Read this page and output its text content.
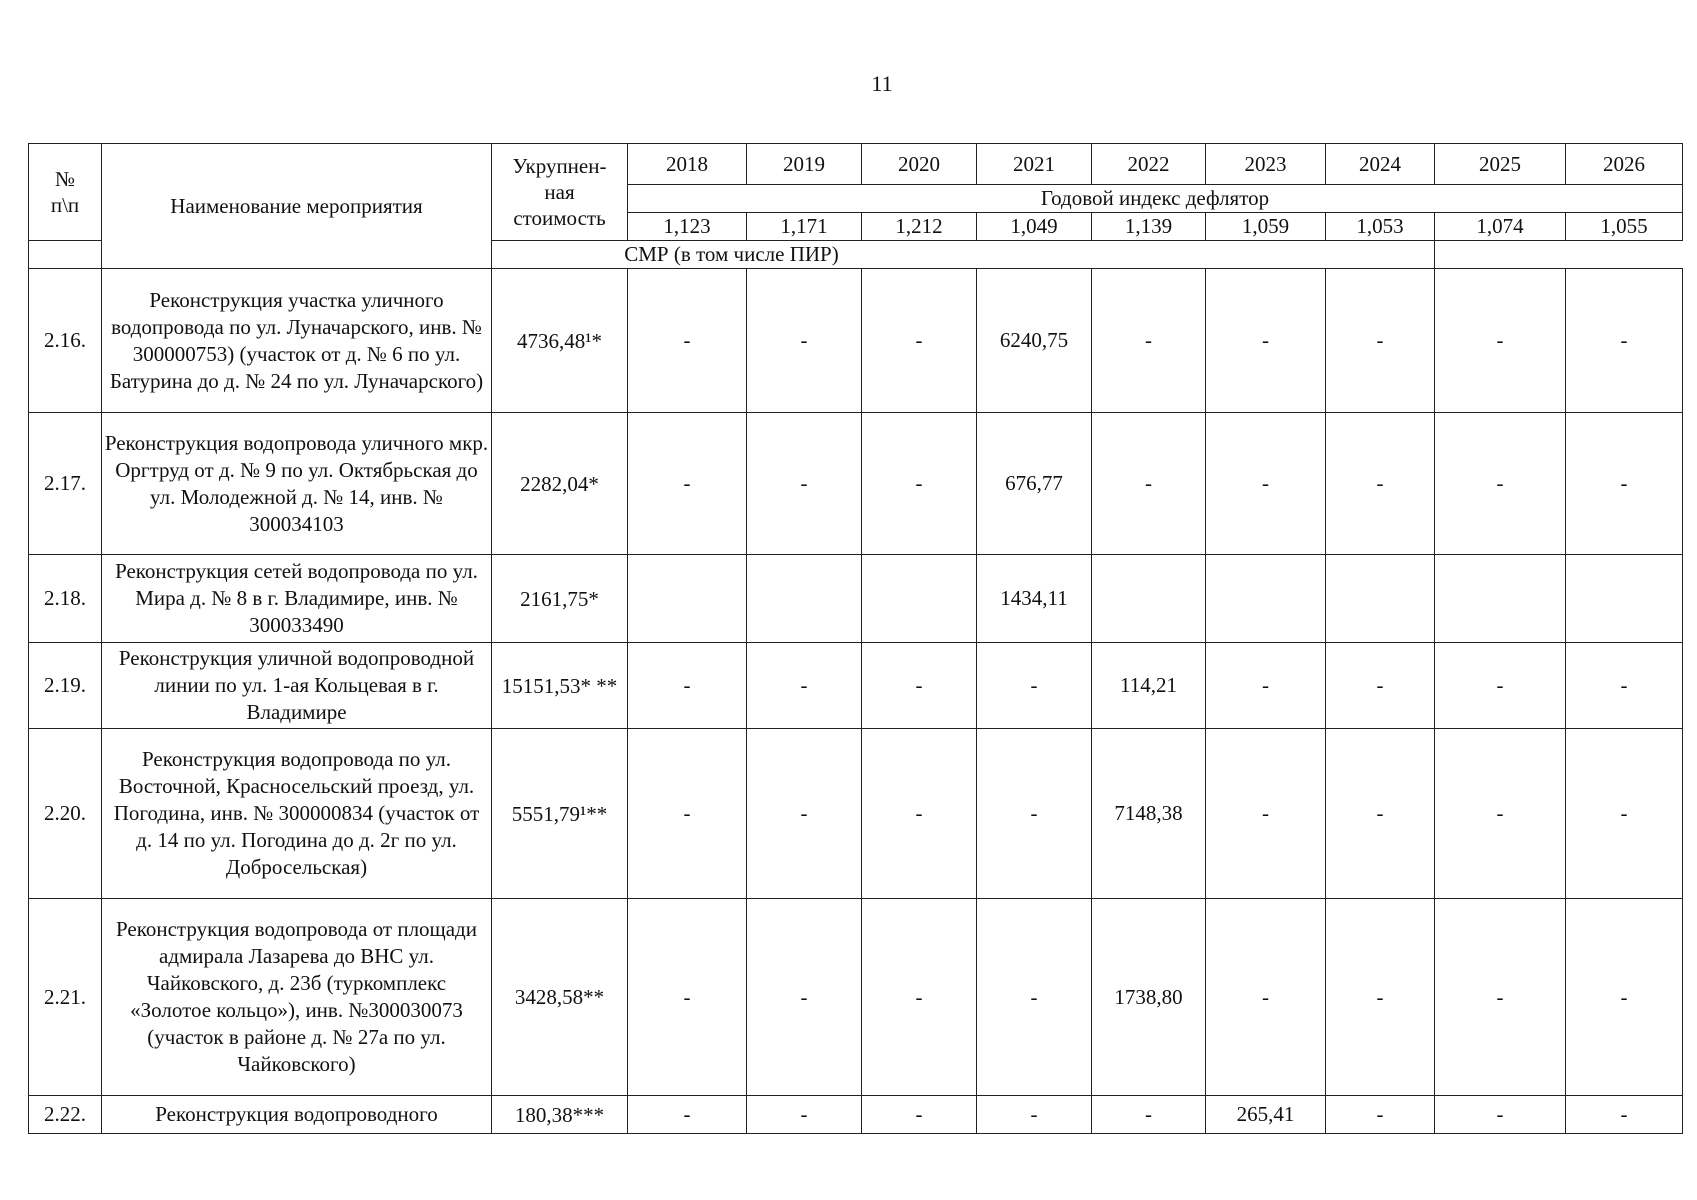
11
№ п\п	Наименование мероприятия	Укрупнен-ная стоимость	2018	2019	2020	2021	2022	2023	2024	2025	2026
			Годовой индекс дефлятор								
			1,123	1,171	1,212	1,049	1,139	1,059	1,053	1,074	1,055
СМР (в том числе ПИР)											
2.16.	Реконструкция участка уличного водопровода по ул. Луначарского, инв. № 300000753) (участок от д. № 6 по ул. Батурина до д. № 24 по ул. Луначарского)	4736,48¹*	-	-	-	6240,75	-	-	-	-	-
2.17.	Реконструкция водопровода уличного мкр. Оргтруд от д. № 9 по ул. Октябрьская до ул. Молодежной д. № 14, инв. № 300034103	2282,04*	-	-	-	676,77	-	-	-	-	-
2.18.	Реконструкция сетей водопровода по ул. Мира д. № 8 в г. Владимире, инв. № 300033490	2161,75*				1434,11					
2.19.	Реконструкция уличной водопроводной линии по ул. 1-ая Кольцевая в г. Владимире	15151,53* **	-	-	-	-	114,21	-	-	-	-
2.20.	Реконструкция водопровода по ул. Восточной, Красносельский проезд, ул. Погодина, инв. № 300000834 (участок от д. 14 по ул. Погодина до д. 2г по ул. Добросельская)	5551,79¹**	-	-	-	-	7148,38	-	-	-	-
2.21.	Реконструкция водопровода от площади адмирала Лазарева до ВНС ул. Чайковского, д. 23б (туркомплекс «Золотое кольцо»), инв. №300030073 (участок в районе д. № 27а по ул. Чайковского)	3428,58**	-	-	-	-	1738,80	-	-	-	-
2.22.	Реконструкция водопроводного	180,38***	-	-	-	-	-	265,41	-	-	-
